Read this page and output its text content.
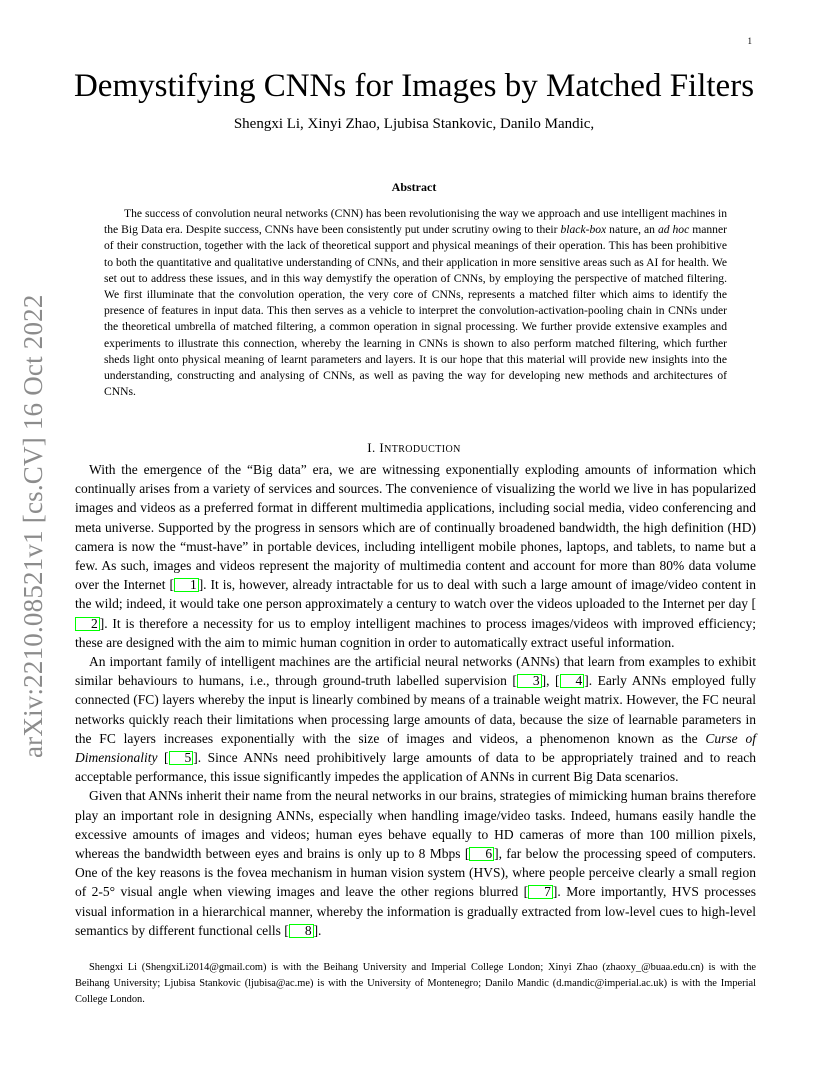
1
arXiv:2210.08521v1 [cs.CV] 16 Oct 2022
Demystifying CNNs for Images by Matched Filters
Shengxi Li, Xinyi Zhao, Ljubisa Stankovic, Danilo Mandic,
Abstract

The success of convolution neural networks (CNN) has been revolutionising the way we approach and use intelligent machines in the Big Data era. Despite success, CNNs have been consistently put under scrutiny owing to their black-box nature, an ad hoc manner of their construction, together with the lack of theoretical support and physical meanings of their operation. This has been prohibitive to both the quantitative and qualitative understanding of CNNs, and their application in more sensitive areas such as AI for health. We set out to address these issues, and in this way demystify the operation of CNNs, by employing the perspective of matched filtering. We first illuminate that the convolution operation, the very core of CNNs, represents a matched filter which aims to identify the presence of features in input data. This then serves as a vehicle to interpret the convolution-activation-pooling chain in CNNs under the theoretical umbrella of matched filtering, a common operation in signal processing. We further provide extensive examples and experiments to illustrate this connection, whereby the learning in CNNs is shown to also perform matched filtering, which further sheds light onto physical meaning of learnt parameters and layers. It is our hope that this material will provide new insights into the understanding, constructing and analysing of CNNs, as well as paving the way for developing new methods and architectures of CNNs.

I. INTRODUCTION

With the emergence of the “Big data” era, we are witnessing exponentially exploding amounts of information which continually arises from a variety of services and sources. The convenience of visualizing the world we live in has popularized images and videos as a preferred format in different multimedia applications, including social media, video conferencing and meta universe. Supported by the progress in sensors which are of continually broadened bandwidth, the high definition (HD) camera is now the “must-have” in portable devices, including intelligent mobile phones, laptops, and tablets, to name but a few. As such, images and videos represent the majority of multimedia content and account for more than 80% data volume over the Internet [ 1 ]. It is, however, already intractable for us to deal with such a large amount of image/video content in the wild; indeed, it would take one person approximately a century to watch over the videos uploaded to the Internet per day [2 ]. It is therefore a necessity for us to employ intelligent machines to process images/videos with improved efficiency; these are designed with the aim to mimic human cognition in order to automatically extract useful information.

An important family of intelligent machines are the artificial neural networks (ANNs) that learn from examples to exhibit similar behaviours to humans, i.e., through ground-truth labelled supervision [ 3 ], [ 4 ]. Early ANNs employed fully connected (FC) layers whereby the input is linearly combined by means of a trainable weight matrix. However, the FC neural networks quickly reach their limitations when processing large amounts of data, because the size of learnable parameters in the FC layers increases exponentially with the size of images and videos, a phenomenon known as the Curse of Dimensionality [ 5 ]. Since ANNs need prohibitively large amounts of data to be appropriately trained and to reach acceptable performance, this issue significantly impedes the application of ANNs in current Big Data scenarios.

Given that ANNs inherit their name from the neural networks in our brains, strategies of mimicking human brains therefore play an important role in designing ANNs, especially when handling image/video tasks. Indeed, humans easily handle the excessive amounts of images and videos; human eyes behave equally to HD cameras of more than 100 million pixels, whereas the bandwidth between eyes and brains is only up to 8 Mbps [ 6 ], far below the processing speed of computers. One of the key reasons is the fovea mechanism in human vision system (HVS), where people perceive clearly a small region of 2-5° visual angle when viewing images and leave the other regions blurred [ 7 ]. More importantly, HVS processes visual information in a hierarchical manner, whereby the information is gradually extracted from low-level cues to high-level semantics by different functional cells [ 8 ].

Shengxi Li (ShengxiLi2014@gmail.com) is with the Beihang University and Imperial College London; Xinyi Zhao (zhaoxy_@buaa.edu.cn) is with the Beihang University; Ljubisa Stankovic (ljubisa@ac.me) is with the University of Montenegro; Danilo Mandic (d.mandic@imperial.ac.uk) is with the Imperial College London.
